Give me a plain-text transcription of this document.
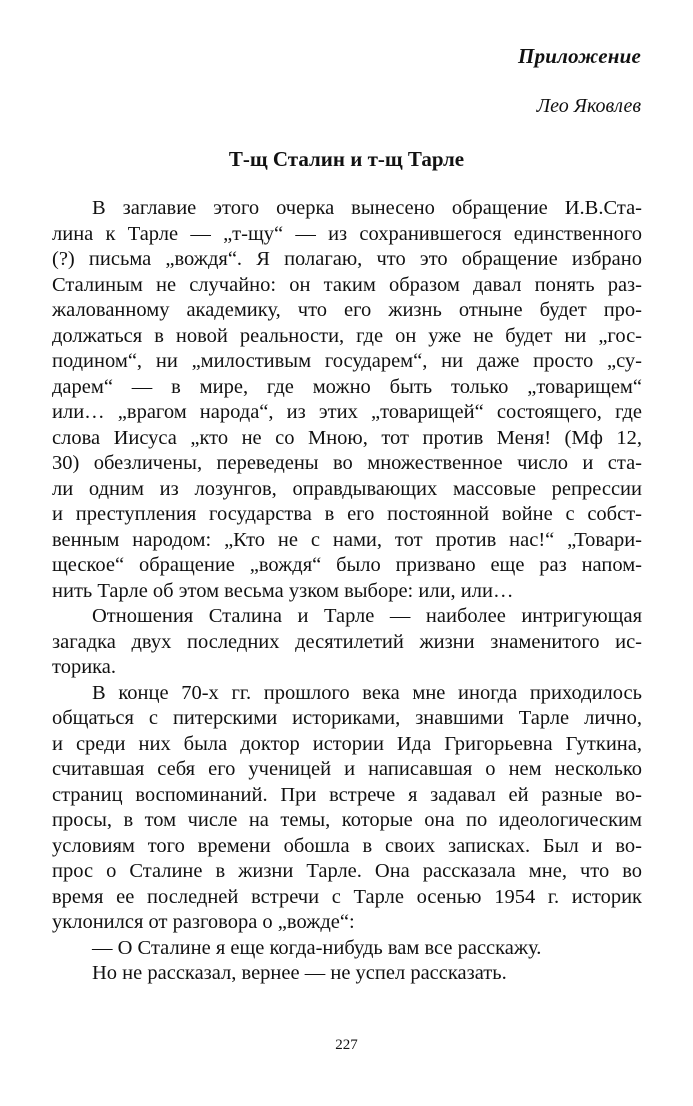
Приложение
Лео Яковлев
Т-щ Сталин и т-щ Тарле
В заглавие этого очерка вынесено обращение И.В.Ста-
лина к Тарле — „т-щу“ — из сохранившегося единственного
(?) письма „вождя“. Я полагаю, что это обращение избрано
Сталиным не случайно: он таким образом давал понять раз-
жалованному академику, что его жизнь отныне будет про-
должаться в новой реальности, где он уже не будет ни „гос-
подином“, ни „милостивым государем“, ни даже просто „су-
дарем“ — в мире, где можно быть только „товарищем“
или… „врагом народа“, из этих „товарищей“ состоящего, где
слова Иисуса „кто не со Мною, тот против Меня! (Мф 12,
30) обезличены, переведены во множественное число и ста-
ли одним из лозунгов, оправдывающих массовые репрессии
и преступления государства в его постоянной войне с собст-
венным народом: „Кто не с нами, тот против нас!“ „Товари-
щеское“ обращение „вождя“ было призвано еще раз напом-
нить Тарле об этом весьма узком выборе: или, или…
Отношения Сталина и Тарле — наиболее интригующая
загадка двух последних десятилетий жизни знаменитого ис-
торика.
В конце 70-х гг. прошлого века мне иногда приходилось
общаться с питерскими историками, знавшими Тарле лично,
и среди них была доктор истории Ида Григорьевна Гуткина,
считавшая себя его ученицей и написавшая о нем несколько
страниц воспоминаний. При встрече я задавал ей разные во-
просы, в том числе на темы, которые она по идеологическим
условиям того времени обошла в своих записках. Был и во-
прос о Сталине в жизни Тарле. Она рассказала мне, что во
время ее последней встречи с Тарле осенью 1954 г. историк
уклонился от разговора о „вожде“:
— О Сталине я еще когда-нибудь вам все расскажу.
Но не рассказал, вернее — не успел рассказать.
227
